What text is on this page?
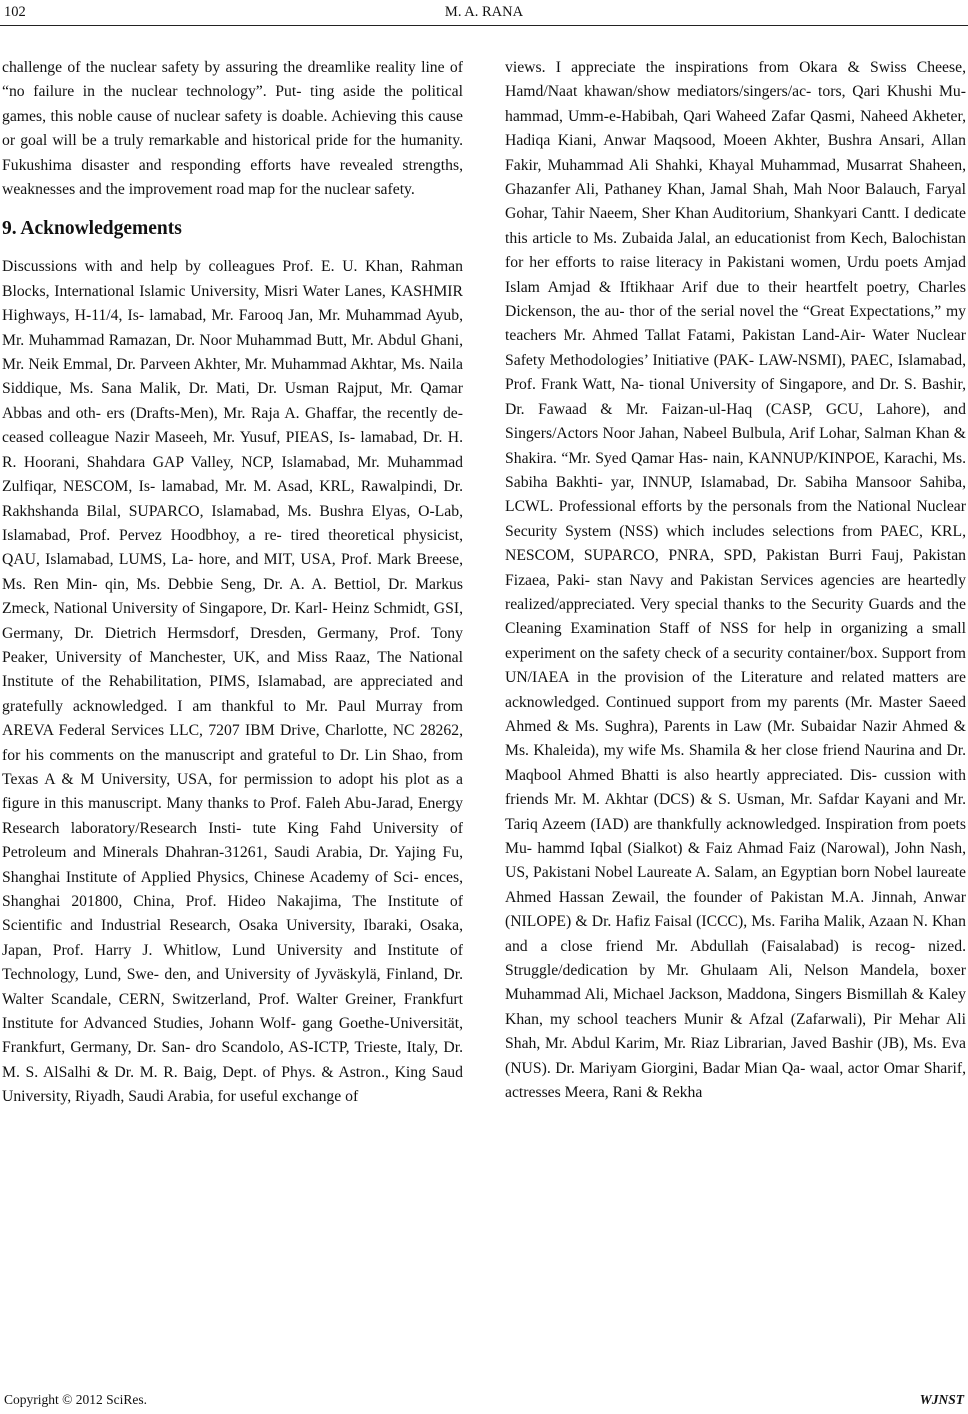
102	M. A. RANA

challenge of the nuclear safety by assuring the dreamlike reality line of “no failure in the nuclear technology”. Put- ting aside the political games, this noble cause of nuclear safety is doable. Achieving this cause or goal will be a truly remarkable and historical pride for the humanity. Fukushima disaster and responding efforts have revealed strengths, weaknesses and the improvement road map for the nuclear safety.

9. Acknowledgements

Discussions with and help by colleagues Prof. E. U. Khan, Rahman Blocks, International Islamic University, Misri Water Lanes, KASHMIR Highways, H-11/4, Is- lamabad, Mr. Farooq Jan, Mr. Muhammad Ayub, Mr. Muhammad Ramazan, Dr. Noor Muhammad Butt, Mr. Abdul Ghani, Mr. Neik Emmal, Dr. Parveen Akhter, Mr. Muhammad Akhtar, Ms. Naila Siddique, Ms. Sana Malik, Dr. Mati, Dr. Usman Rajput, Mr. Qamar Abbas and oth- ers (Drafts-Men), Mr. Raja A. Ghaffar, the recently de- ceased colleague Nazir Maseeh, Mr. Yusuf, PIEAS, Is- lamabad, Dr. H. R. Hoorani, Shahdara GAP Valley, NCP, Islamabad, Mr. Muhammad Zulfiqar, NESCOM, Is- lamabad, Mr. M. Asad, KRL, Rawalpindi, Dr. Rakhshanda Bilal, SUPARCO, Islamabad, Ms. Bushra Elyas, O-Lab, Islamabad, Prof. Pervez Hoodbhoy, a re- tired theoretical physicist, QAU, Islamabad, LUMS, La- hore, and MIT, USA, Prof. Mark Breese, Ms. Ren Min- qin, Ms. Debbie Seng, Dr. A. A. Bettiol, Dr. Markus Zmeck, National University of Singapore, Dr. Karl- Heinz Schmidt, GSI, Germany, Dr. Dietrich Hermsdorf, Dresden, Germany, Prof. Tony Peaker, University of Manchester, UK, and Miss Raaz, The National Institute of the Rehabilitation, PIMS, Islamabad, are appreciated and gratefully acknowledged. I am thankful to Mr. Paul Murray from AREVA Federal Services LLC, 7207 IBM Drive, Charlotte, NC 28262, for his comments on the manuscript and grateful to Dr. Lin Shao, from Texas A & M University, USA, for permission to adopt his plot as a figure in this manuscript. Many thanks to Prof. Faleh Abu-Jarad, Energy Research laboratory/Research Insti- tute King Fahd University of Petroleum and Minerals Dhahran-31261, Saudi Arabia, Dr. Yajing Fu, Shanghai Institute of Applied Physics, Chinese Academy of Sci- ences, Shanghai 201800, China, Prof. Hideo Nakajima, The Institute of Scientific and Industrial Research, Osaka University, Ibaraki, Osaka, Japan, Prof. Harry J. Whitlow, Lund University and Institute of Technology, Lund, Swe- den, and University of Jyväskylä, Finland, Dr. Walter Scandale, CERN, Switzerland, Prof. Walter Greiner, Frankfurt Institute for Advanced Studies, Johann Wolf- gang Goethe-Universität, Frankfurt, Germany, Dr. San- dro Scandolo, AS-ICTP, Trieste, Italy, Dr. M. S. AlSalhi & Dr. M. R. Baig, Dept. of Phys. & Astron., King Saud University, Riyadh, Saudi Arabia, for useful exchange of

views. I appreciate the inspirations from Okara & Swiss Cheese, Hamd/Naat khawan/show mediators/singers/ac- tors, Qari Khushi Mu-hammad, Umm-e-Habibah, Qari Waheed Zafar Qasmi, Naheed Akheter, Hadiqa Kiani, Anwar Maqsood, Moeen Akhter, Bushra Ansari, Allan Fakir, Muhammad Ali Shahki, Khayal Muhammad, Musarrat Shaheen, Ghazanfer Ali, Pathaney Khan, Jamal Shah, Mah Noor Balauch, Faryal Gohar, Tahir Naeem, Sher Khan Auditorium, Shankyari Cantt. I dedicate this article to Ms. Zubaida Jalal, an educationist from Kech, Balochistan for her efforts to raise literacy in Pakistani women, Urdu poets Amjad Islam Amjad & Iftikhaar Arif due to their heartfelt poetry, Charles Dickenson, the au- thor of the serial novel the “Great Expectations,” my teachers Mr. Ahmed Tallat Fatami, Pakistan Land-Air- Water Nuclear Safety Methodologies’ Initiative (PAK- LAW-NSMI), PAEC, Islamabad, Prof. Frank Watt, Na- tional University of Singapore, and Dr. S. Bashir, Dr. Fawaad & Mr. Faizan-ul-Haq (CASP, GCU, Lahore), and Singers/Actors Noor Jahan, Nabeel Bulbula, Arif Lohar, Salman Khan & Shakira. “Mr. Syed Qamar Has- nain, KANNUP/KINPOE, Karachi, Ms. Sabiha Bakhti- yar, INNUP, Islamabad, Dr. Sabiha Mansoor Sahiba, LCWL. Professional efforts by the personals from the National Nuclear Security System (NSS) which includes selections from PAEC, KRL, NESCOM, SUPARCO, PNRA, SPD, Pakistan Burri Fauj, Pakistan Fizaea, Paki- stan Navy and Pakistan Services agencies are heartedly realized/appreciated. Very special thanks to the Security Guards and the Cleaning Examination Staff of NSS for help in organizing a small experiment on the safety check of a security container/box. Support from UN/IAEA in the provision of the Literature and related matters are acknowledged. Continued support from my parents (Mr. Master Saeed Ahmed & Ms. Sughra), Parents in Law (Mr. Subaidar Nazir Ahmed & Ms. Khaleida), my wife Ms. Shamila & her close friend Naurina and Dr. Maqbool Ahmed Bhatti is also heartly appreciated. Dis- cussion with friends Mr. M. Akhtar (DCS) & S. Usman, Mr. Safdar Kayani and Mr. Tariq Azeem (IAD) are thankfully acknowledged. Inspiration from poets Mu- hammd Iqbal (Sialkot) & Faiz Ahmad Faiz (Narowal), John Nash, US, Pakistani Nobel Laureate A. Salam, an Egyptian born Nobel laureate Ahmed Hassan Zewail, the founder of Pakistan M.A. Jinnah, Anwar (NILOPE) & Dr. Hafiz Faisal (ICCC), Ms. Fariha Malik, Azaan N. Khan and a close friend Mr. Abdullah (Faisalabad) is recog- nized. Struggle/dedication by Mr. Ghulaam Ali, Nelson Mandela, boxer Muhammad Ali, Michael Jackson, Maddona, Singers Bismillah & Kaley Khan, my school teachers Munir & Afzal (Zafarwali), Pir Mehar Ali Shah, Mr. Abdul Karim, Mr. Riaz Librarian, Javed Bashir (JB), Ms. Eva (NUS). Dr. Mariyam Giorgini, Badar Mian Qa- waal, actor Omar Sharif, actresses Meera, Rani & Rekha

Copyright © 2012 SciRes.	WJNST
